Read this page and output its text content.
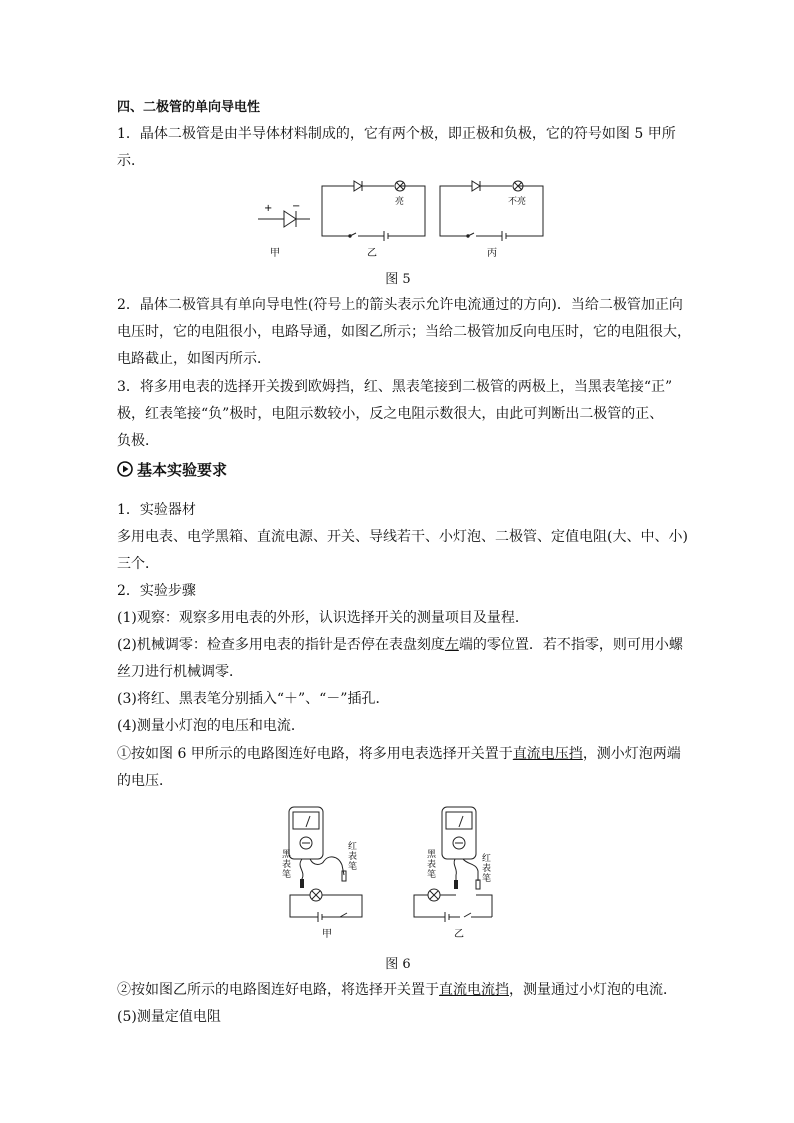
四、二极管的单向导电性
1．晶体二极管是由半导体材料制成的，它有两个极，即正极和负极，它的符号如图 5 甲所
示．
+ −
甲
亮
乙
不亮
丙
图 5
2．晶体二极管具有单向导电性(符号上的箭头表示允许电流通过的方向)．当给二极管加正向
电压时，它的电阻很小，电路导通，如图乙所示；当给二极管加反向电压时，它的电阻很大，
电路截止，如图丙所示．
3．将多用电表的选择开关拨到欧姆挡，红、黑表笔接到二极管的两极上，当黑表笔接“正”
极，红表笔接“负”极时，电阻示数较小，反之电阻示数很大，由此可判断出二极管的正、
负极．
基本实验要求
1．实验器材
多用电表、电学黑箱、直流电源、开关、导线若干、小灯泡、二极管、定值电阻(大、中、小)
三个．
2．实验步骤
(1)观察：观察多用电表的外形，认识选择开关的测量项目及量程．
(2)机械调零：检查多用电表的指针是否停在表盘刻度左端的零位置．若不指零，则可用小螺
丝刀进行机械调零．
(3)将红、黑表笔分别插入“＋”、“－”插孔．
(4)测量小灯泡的电压和电流．
①按如图 6 甲所示的电路图连好电路，将多用电表选择开关置于直流电压挡，测小灯泡两端
的电压．
黑表笔
红表笔
甲
黑表笔
红表笔
乙
图 6
②按如图乙所示的电路图连好电路，将选择开关置于直流电流挡，测量通过小灯泡的电流．
(5)测量定值电阻
